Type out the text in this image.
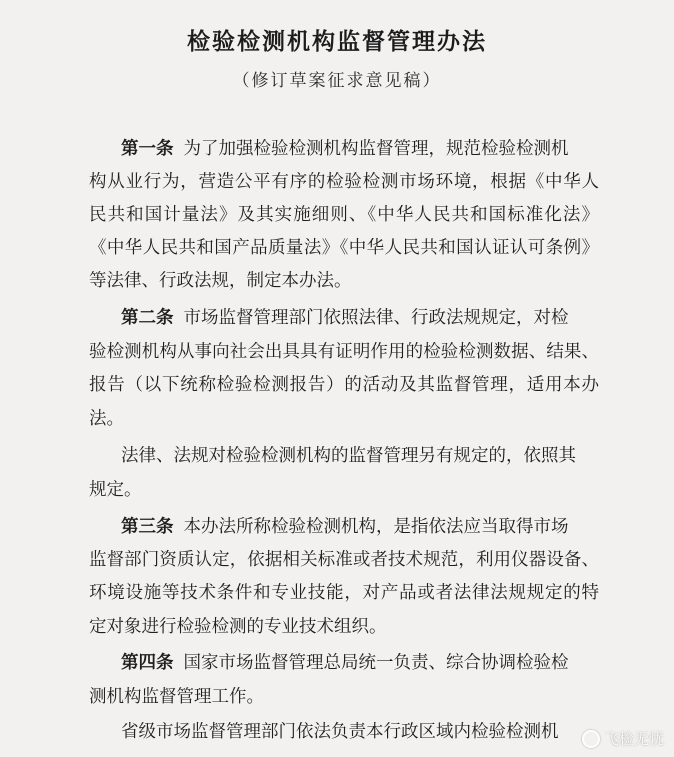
检验检测机构监督管理办法
（修订草案征求意见稿）
第一条 为了加强检验检测机构监督管理，规范检验检测机
构从业行为，营造公平有序的检验检测市场环境，根据《中华人
民共和国计量法》及其实施细则、《中华人民共和国标准化法》
《中华人民共和国产品质量法》《中华人民共和国认证认可条例》
等法律、行政法规，制定本办法。
第二条 市场监督管理部门依照法律、行政法规规定，对检
验检测机构从事向社会出具具有证明作用的检验检测数据、结果、
报告（以下统称检验检测报告）的活动及其监督管理，适用本办
法。
法律、法规对检验检测机构的监督管理另有规定的，依照其
规定。
第三条 本办法所称检验检测机构，是指依法应当取得市场
监督部门资质认定，依据相关标准或者技术规范，利用仪器设备、
环境设施等技术条件和专业技能，对产品或者法律法规规定的特
定对象进行检验检测的专业技术组织。
第四条 国家市场监督管理总局统一负责、综合协调检验检
测机构监督管理工作。
省级市场监督管理部门依法负责本行政区域内检验检测机	飞检无忧
